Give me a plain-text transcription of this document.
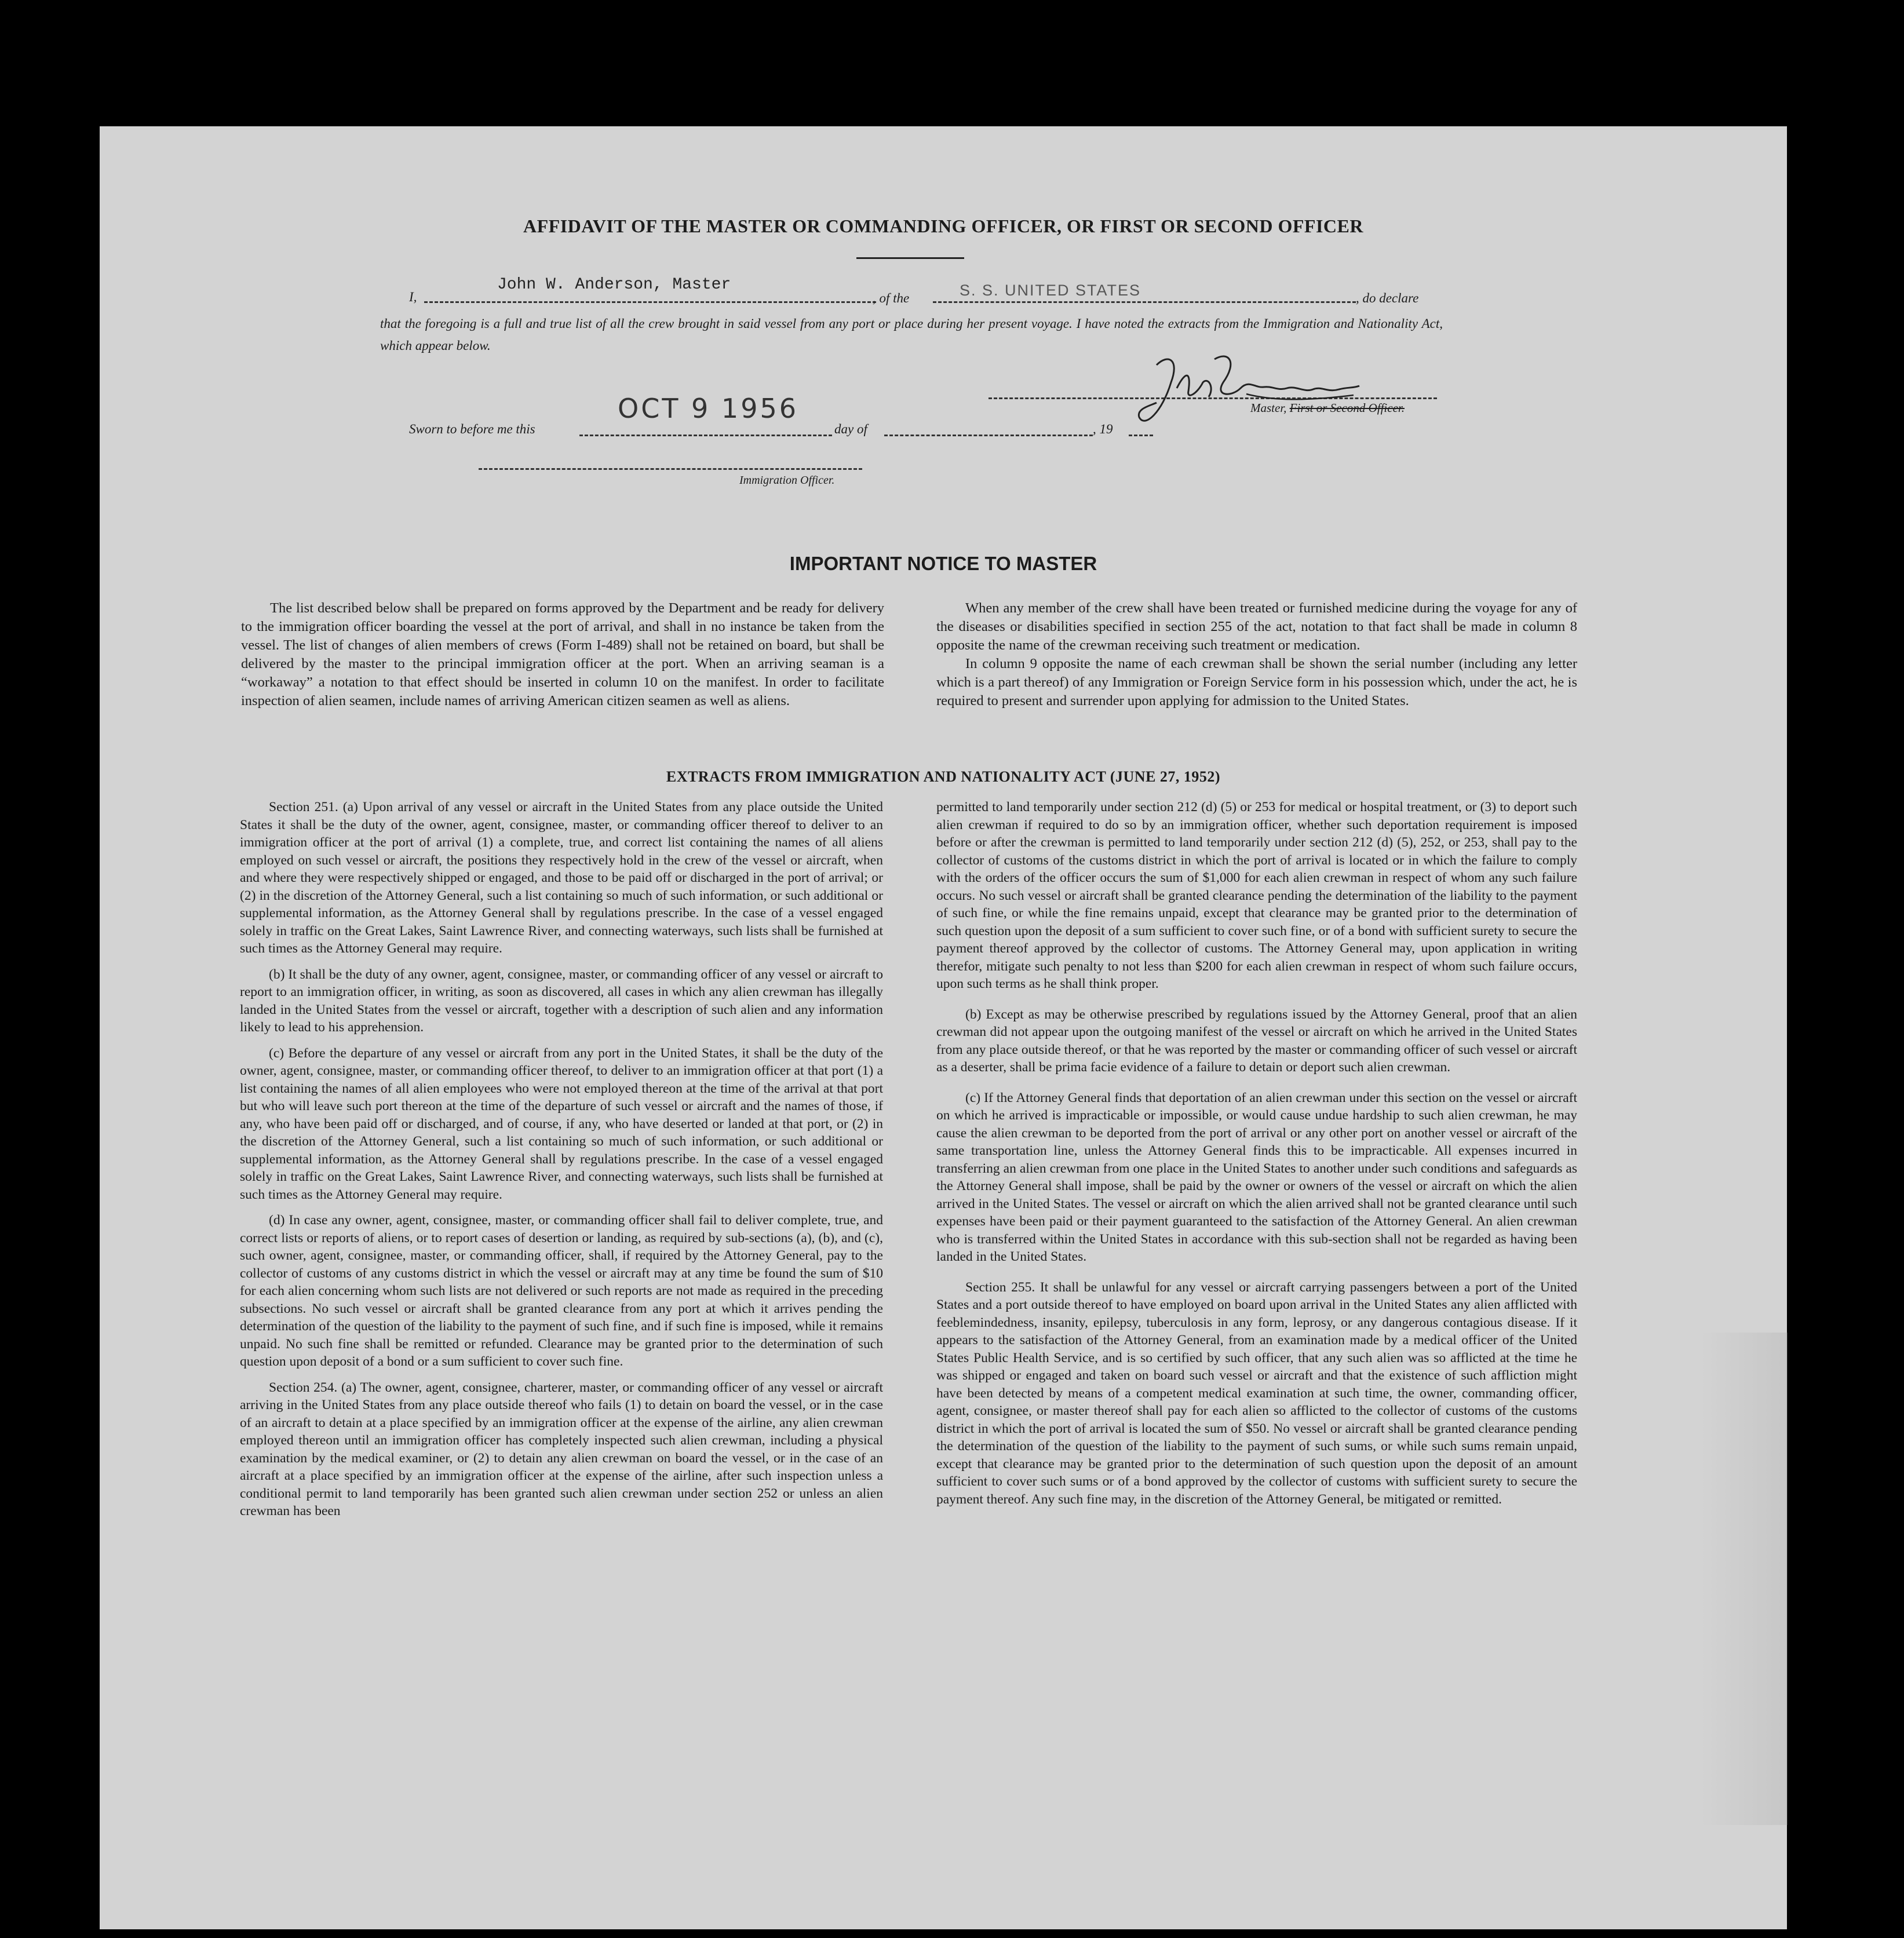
AFFIDAVIT OF THE MASTER OR COMMANDING OFFICER, OR FIRST OR SECOND OFFICER
I,
John W. Anderson, Master
, of the	S. S. UNITED STATES	, do declare
that the foregoing is a full and true list of all the crew brought in said vessel from any port or place during her present voyage. I have noted the extracts from the Immigration and Nationality Act, which appear below.
Master, First or Second Officer.
Sworn to before me this
OCT 9 1956
day of	, 19
Immigration Officer.
IMPORTANT NOTICE TO MASTER

The list described below shall be prepared on forms approved by the Department and be ready for delivery to the immigration officer boarding the vessel at the port of arrival, and shall in no instance be taken from the vessel. The list of changes of alien members of crews (Form I-489) shall not be retained on board, but shall be delivered by the master to the principal immigration officer at the port. When an arriving seaman is a “workaway” a notation to that effect should be inserted in column 10 on the manifest. In order to facilitate inspection of alien seamen, include names of arriving American citizen seamen as well as aliens.

When any member of the crew shall have been treated or furnished medicine during the voyage for any of the diseases or disabilities specified in section 255 of the act, notation to that fact shall be made in column 8 opposite the name of the crewman receiving such treatment or medication.

In column 9 opposite the name of each crewman shall be shown the serial number (including any letter which is a part thereof) of any Immigration or Foreign Service form in his possession which, under the act, he is required to present and surrender upon applying for admission to the United States.

EXTRACTS FROM IMMIGRATION AND NATIONALITY ACT (JUNE 27, 1952)

Section 251. (a) Upon arrival of any vessel or aircraft in the United States from any place outside the United States it shall be the duty of the owner, agent, consignee, master, or commanding officer thereof to deliver to an immigration officer at the port of arrival (1) a complete, true, and correct list containing the names of all aliens employed on such vessel or aircraft, the positions they respectively hold in the crew of the vessel or aircraft, when and where they were respectively shipped or engaged, and those to be paid off or discharged in the port of arrival; or (2) in the discretion of the Attorney General, such a list containing so much of such information, or such additional or supplemental information, as the Attorney General shall by regulations prescribe. In the case of a vessel engaged solely in traffic on the Great Lakes, Saint Lawrence River, and connecting waterways, such lists shall be furnished at such times as the Attorney General may require.

(b) It shall be the duty of any owner, agent, consignee, master, or commanding officer of any vessel or aircraft to report to an immigration officer, in writing, as soon as discovered, all cases in which any alien crewman has illegally landed in the United States from the vessel or aircraft, together with a description of such alien and any information likely to lead to his apprehension.

(c) Before the departure of any vessel or aircraft from any port in the United States, it shall be the duty of the owner, agent, consignee, master, or commanding officer thereof, to deliver to an immigration officer at that port (1) a list containing the names of all alien employees who were not employed thereon at the time of the arrival at that port but who will leave such port thereon at the time of the departure of such vessel or aircraft and the names of those, if any, who have been paid off or discharged, and of course, if any, who have deserted or landed at that port, or (2) in the discretion of the Attorney General, such a list containing so much of such information, or such additional or supplemental information, as the Attorney General shall by regulations prescribe. In the case of a vessel engaged solely in traffic on the Great Lakes, Saint Lawrence River, and connecting waterways, such lists shall be furnished at such times as the Attorney General may require.

(d) In case any owner, agent, consignee, master, or commanding officer shall fail to deliver complete, true, and correct lists or reports of aliens, or to report cases of desertion or landing, as required by sub-sections (a), (b), and (c), such owner, agent, consignee, master, or commanding officer, shall, if required by the Attorney General, pay to the collector of customs of any customs district in which the vessel or aircraft may at any time be found the sum of $10 for each alien concerning whom such lists are not delivered or such reports are not made as required in the preceding subsections. No such vessel or aircraft shall be granted clearance from any port at which it arrives pending the determination of the question of the liability to the payment of such fine, and if such fine is imposed, while it remains unpaid. No such fine shall be remitted or refunded. Clearance may be granted prior to the determination of such question upon deposit of a bond or a sum sufficient to cover such fine.

Section 254. (a) The owner, agent, consignee, charterer, master, or commanding officer of any vessel or aircraft arriving in the United States from any place outside thereof who fails (1) to detain on board the vessel, or in the case of an aircraft to detain at a place specified by an immigration officer at the expense of the airline, any alien crewman employed thereon until an immigration officer has completely inspected such alien crewman, including a physical examination by the medical examiner, or (2) to detain any alien crewman on board the vessel, or in the case of an aircraft at a place specified by an immigration officer at the expense of the airline, after such inspection unless a conditional permit to land temporarily has been granted such alien crewman under section 252 or unless an alien crewman has been

permitted to land temporarily under section 212 (d) (5) or 253 for medical or hospital treatment, or (3) to deport such alien crewman if required to do so by an immigration officer, whether such deportation requirement is imposed before or after the crewman is permitted to land temporarily under section 212 (d) (5), 252, or 253, shall pay to the collector of customs of the customs district in which the port of arrival is located or in which the failure to comply with the orders of the officer occurs the sum of $1,000 for each alien crewman in respect of whom any such failure occurs. No such vessel or aircraft shall be granted clearance pending the determination of the liability to the payment of such fine, or while the fine remains unpaid, except that clearance may be granted prior to the determination of such question upon the deposit of a sum sufficient to cover such fine, or of a bond with sufficient surety to secure the payment thereof approved by the collector of customs. The Attorney General may, upon application in writing therefor, mitigate such penalty to not less than $200 for each alien crewman in respect of whom such failure occurs, upon such terms as he shall think proper.

(b) Except as may be otherwise prescribed by regulations issued by the Attorney General, proof that an alien crewman did not appear upon the outgoing manifest of the vessel or aircraft on which he arrived in the United States from any place outside thereof, or that he was reported by the master or commanding officer of such vessel or aircraft as a deserter, shall be prima facie evidence of a failure to detain or deport such alien crewman.

(c) If the Attorney General finds that deportation of an alien crewman under this section on the vessel or aircraft on which he arrived is impracticable or impossible, or would cause undue hardship to such alien crewman, he may cause the alien crewman to be deported from the port of arrival or any other port on another vessel or aircraft of the same transportation line, unless the Attorney General finds this to be impracticable. All expenses incurred in transferring an alien crewman from one place in the United States to another under such conditions and safeguards as the Attorney General shall impose, shall be paid by the owner or owners of the vessel or aircraft on which the alien arrived in the United States. The vessel or aircraft on which the alien arrived shall not be granted clearance until such expenses have been paid or their payment guaranteed to the satisfaction of the Attorney General. An alien crewman who is transferred within the United States in accordance with this sub-section shall not be regarded as having been landed in the United States.

Section 255. It shall be unlawful for any vessel or aircraft carrying passengers between a port of the United States and a port outside thereof to have employed on board upon arrival in the United States any alien afflicted with feeblemindedness, insanity, epilepsy, tuberculosis in any form, leprosy, or any dangerous contagious disease. If it appears to the satisfaction of the Attorney General, from an examination made by a medical officer of the United States Public Health Service, and is so certified by such officer, that any such alien was so afflicted at the time he was shipped or engaged and taken on board such vessel or aircraft and that the existence of such affliction might have been detected by means of a competent medical examination at such time, the owner, commanding officer, agent, consignee, or master thereof shall pay for each alien so afflicted to the collector of customs of the customs district in which the port of arrival is located the sum of $50. No vessel or aircraft shall be granted clearance pending the determination of the question of the liability to the payment of such sums, or while such sums remain unpaid, except that clearance may be granted prior to the determination of such question upon the deposit of an amount sufficient to cover such sums or of a bond approved by the collector of customs with sufficient surety to secure the payment thereof. Any such fine may, in the discretion of the Attorney General, be mitigated or remitted.
